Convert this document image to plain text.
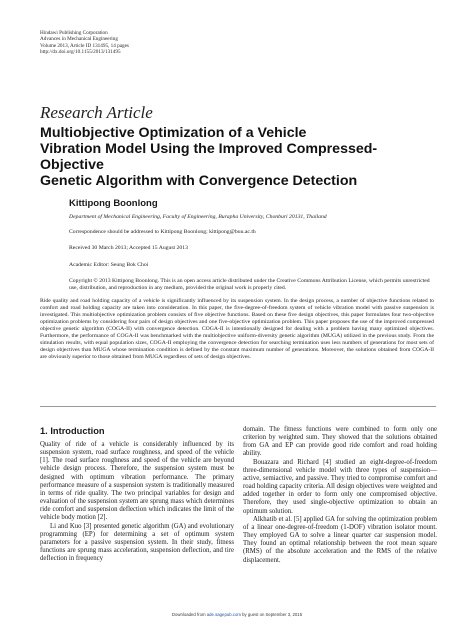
Hindawi Publishing Corporation
Advances in Mechanical Engineering
Volume 2013, Article ID 131495, 14 pages
http://dx.doi.org/10.1155/2013/131495
Research Article
Multiobjective Optimization of a Vehicle
Vibration Model Using the Improved Compressed-Objective
Genetic Algorithm with Convergence Detection
Kittipong Boonlong
Department of Mechanical Engineering, Faculty of Engineering, Burapha University, Chonburi 20131, Thailand
Correspondence should be addressed to Kittipong Boonlong; kittipong@buu.ac.th
Received 30 March 2013; Accepted 15 August 2013
Academic Editor: Seung Bok Choi
Copyright © 2013 Kittipong Boonlong. This is an open access article distributed under the Creative Commons Attribution License, which permits unrestricted use, distribution, and reproduction in any medium, provided the original work is properly cited.
Ride quality and road holding capacity of a vehicle is significantly influenced by its suspension system. In the design process, a number of objective functions related to comfort and road holding capacity are taken into consideration. In this paper, the five-degree-of-freedom system of vehicle vibration model with passive suspension is investigated. This multiobjective optimization problem consists of five objective functions. Based on these five design objectives, this paper formulates four two-objective optimization problems by considering four pairs of design objectives and one five-objective optimization problem. This paper proposes the use of the improved compressed objective genetic algorithm (COGA-II) with convergence detection. COGA-II is intentionally designed for dealing with a problem having many optimized objectives. Furthermore, the performance of COGA-II was benchmarked with the multiobjective uniform-diversity genetic algorithm (MUGA) utilized in the previous study. From the simulation results, with equal population sizes, COGA-II employing the convergence detection for searching termination uses less numbers of generations for most sets of design objectives than MUGA whose termination condition is defined by the constant maximum number of generations. Moreover, the solutions obtained from COGA-II are obviously superior to those obtained from MUGA regardless of sets of design objectives.
1. Introduction

Quality of ride of a vehicle is considerably influenced by its suspension system, road surface roughness, and speed of the vehicle [1]. The road surface roughness and speed of the vehicle are beyond vehicle design process. Therefore, the suspension system must be designed with optimum vibration performance. The primary performance measure of a suspension system is traditionally measured in terms of ride quality. The two principal variables for design and evaluation of the suspension system are sprung mass which determines ride comfort and suspension deflection which indicates the limit of the vehicle body motion [2].

Li and Kuo [3] presented genetic algorithm (GA) and evolutionary programming (EP) for determining a set of optimum system parameters for a passive suspension system. In their study, fitness functions are sprung mass acceleration, suspension deflection, and tire deflection in frequency

domain. The fitness functions were combined to form only one criterion by weighted sum. They showed that the solutions obtained from GA and EP can provide good ride comfort and road holding ability.

Bouazara and Richard [4] studied an eight-degree-of-freedom three-dimensional vehicle model with three types of suspension—active, semiactive, and passive. They tried to compromise comfort and road holding capacity criteria. All design objectives were weighted and added together in order to form only one compromised objective. Therefore, they used single-objective optimization to obtain an optimum solution.

Alkhatib et al. [5] applied GA for solving the optimization problem of a linear one-degree-of-freedom (1-DOF) vibration isolator mount. They employed GA to solve a linear quarter car suspension model. They found an optimal relationship between the root mean square (RMS) of the absolute acceleration and the RMS of the relative displacement.

Downloaded from ade.sagepub.com by guest on September 3, 2015
